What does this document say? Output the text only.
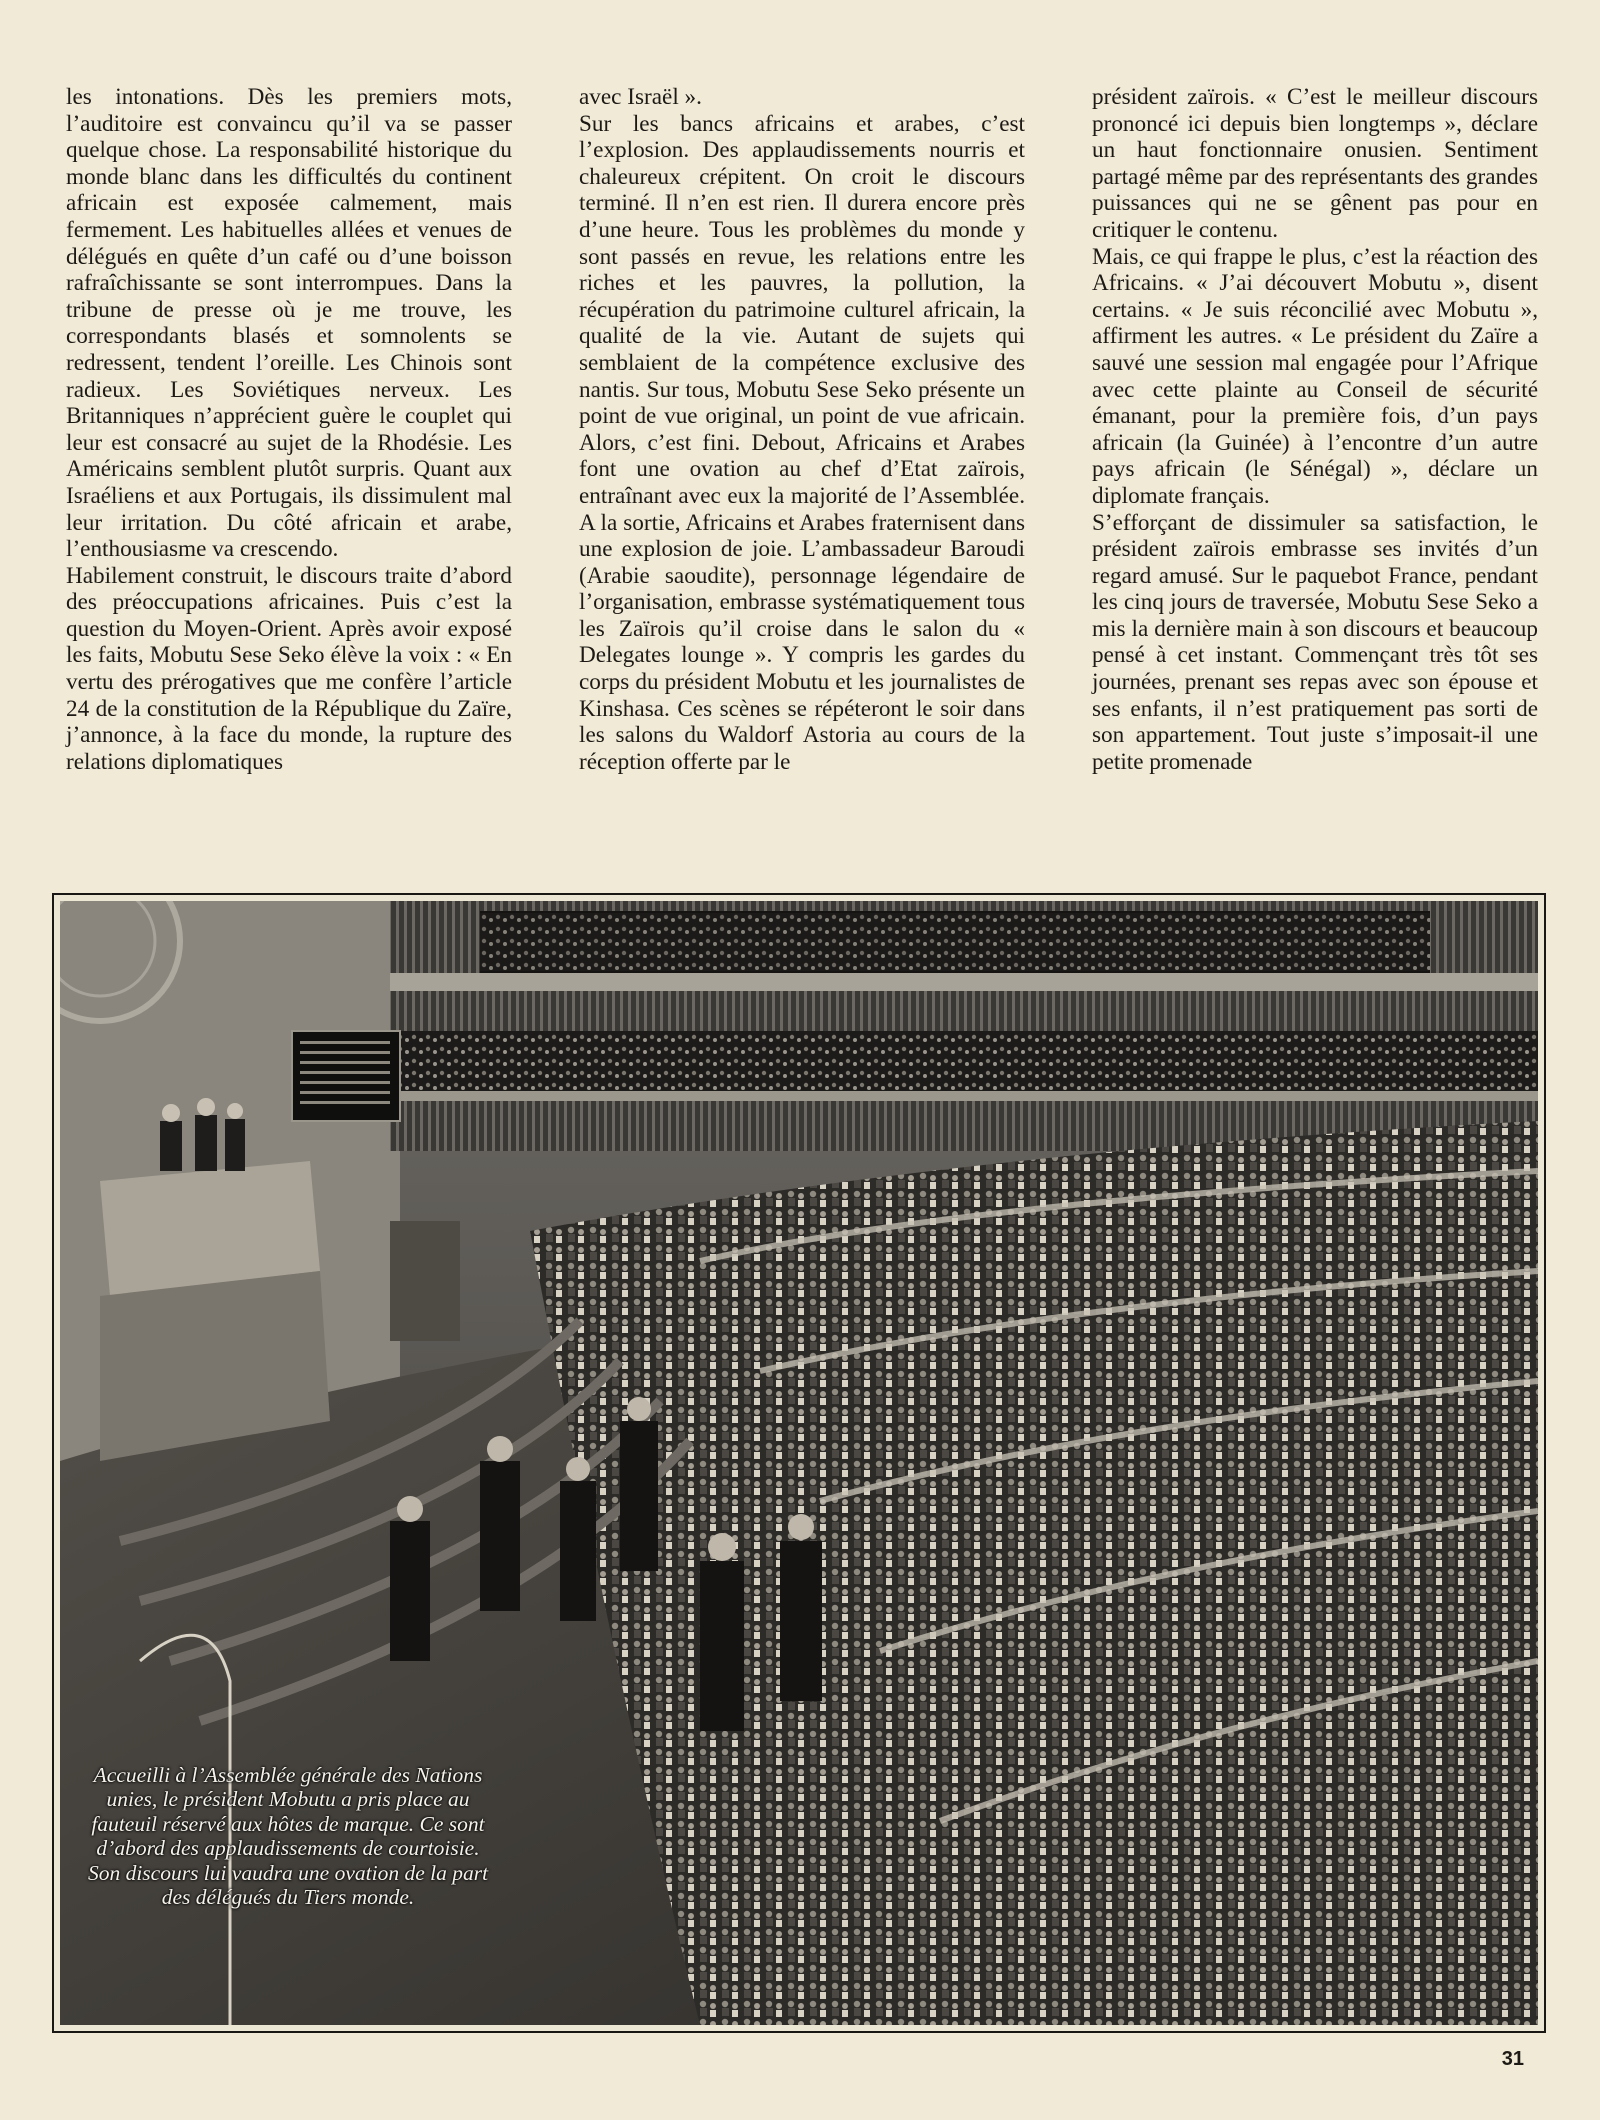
les intonations. Dès les premiers mots, l’auditoire est convaincu qu’il va se passer quelque chose. La responsabilité historique du monde blanc dans les difficultés du continent africain est exposée calmement, mais fermement. Les habituelles allées et venues de délégués en quête d’un café ou d’une boisson rafraîchissante se sont interrompues. Dans la tribune de presse où je me trouve, les correspondants blasés et somnolents se redressent, tendent l’oreille. Les Chinois sont radieux. Les Soviétiques nerveux. Les Britanniques n’apprécient guère le couplet qui leur est consacré au sujet de la Rhodésie. Les Américains semblent plutôt surpris. Quant aux Israéliens et aux Portugais, ils dissimulent mal leur irritation. Du côté africain et arabe, l’enthousiasme va crescendo.

Habilement construit, le discours traite d’abord des préoccupations africaines. Puis c’est la question du Moyen-Orient. Après avoir exposé les faits, Mobutu Sese Seko élève la voix : « En vertu des prérogatives que me confère l’article 24 de la constitution de la République du Zaïre, j’annonce, à la face du monde, la rupture des relations diplomatiques

avec Israël ».

Sur les bancs africains et arabes, c’est l’explosion. Des applaudissements nourris et chaleureux crépitent. On croit le discours terminé. Il n’en est rien. Il durera encore près d’une heure. Tous les problèmes du monde y sont passés en revue, les relations entre les riches et les pauvres, la pollution, la récupération du patrimoine culturel africain, la qualité de la vie. Autant de sujets qui semblaient de la compétence exclusive des nantis. Sur tous, Mobutu Sese Seko présente un point de vue original, un point de vue africain. Alors, c’est fini. Debout, Africains et Arabes font une ovation au chef d’Etat zaïrois, entraînant avec eux la majorité de l’Assemblée. A la sortie, Africains et Arabes fraternisent dans une explosion de joie. L’ambassadeur Baroudi (Arabie saoudite), personnage légendaire de l’organisation, embrasse systématiquement tous les Zaïrois qu’il croise dans le salon du « Delegates lounge ». Y compris les gardes du corps du président Mobutu et les journalistes de Kinshasa. Ces scènes se répéteront le soir dans les salons du Waldorf Astoria au cours de la réception offerte par le

président zaïrois. « C’est le meilleur discours prononcé ici depuis bien longtemps », déclare un haut fonctionnaire onusien. Sentiment partagé même par des représentants des grandes puissances qui ne se gênent pas pour en critiquer le contenu.

Mais, ce qui frappe le plus, c’est la réaction des Africains. « J’ai découvert Mobutu », disent certains. « Je suis réconcilié avec Mobutu », affirment les autres. « Le président du Zaïre a sauvé une session mal engagée pour l’Afrique avec cette plainte au Conseil de sécurité émanant, pour la première fois, d’un pays africain (la Guinée) à l’encontre d’un autre pays africain (le Sénégal) », déclare un diplomate français.

S’efforçant de dissimuler sa satisfaction, le président zaïrois embrasse ses invités d’un regard amusé. Sur le paquebot France, pendant les cinq jours de traversée, Mobutu Sese Seko a mis la dernière main à son discours et beaucoup pensé à cet instant. Commençant très tôt ses journées, prenant ses repas avec son épouse et ses enfants, il n’est pratiquement pas sorti de son appartement. Tout juste s’imposait-il une petite promenade

Accueilli à l’Assemblée générale des Nations unies, le président Mobutu a pris place au fauteuil réservé aux hôtes de marque. Ce sont d’abord des applaudissements de courtoisie. Son discours lui vaudra une ovation de la part des délégués du Tiers monde.
31
